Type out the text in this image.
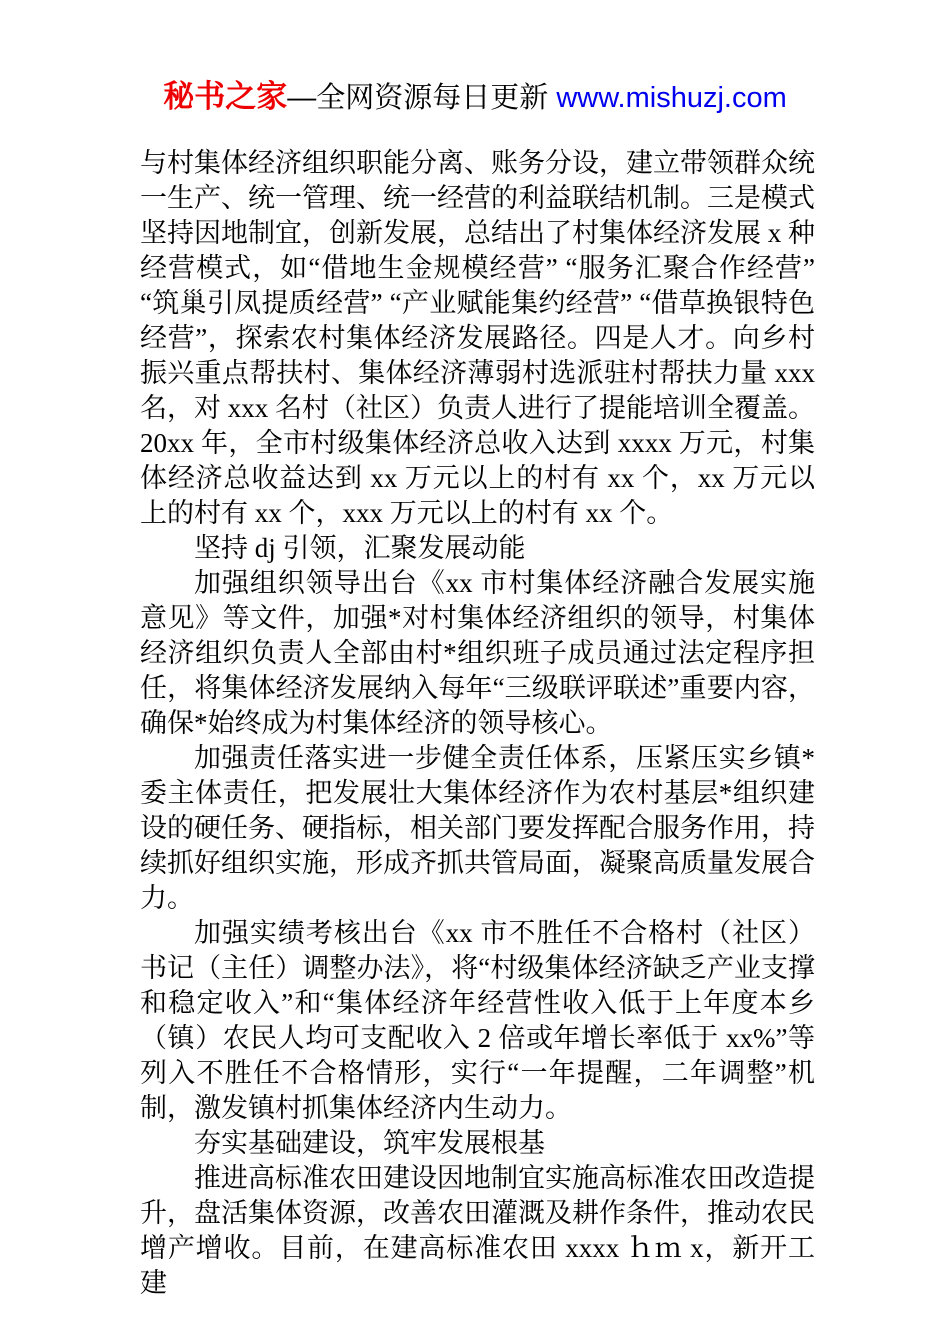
秘书之家—全网资源每日更新 www.mishuzj.com

与村集体经济组织职能分离、账务分设，建立带领群众统一生产、统一管理、统一经营的利益联结机制。三是模式坚持因地制宜，创新发展，总结出了村集体经济发展 x 种经营模式，如“借地生金规模经营” “服务汇聚合作经营” “筑巢引凤提质经营” “产业赋能集约经营” “借草换银特色经营”，探索农村集体经济发展路径。四是人才。向乡村振兴重点帮扶村、集体经济薄弱村选派驻村帮扶力量 xxx 名，对 xxx 名村（社区）负责人进行了提能培训全覆盖。20xx 年，全市村级集体经济总收入达到 xxxx 万元，村集体经济总收益达到 xx 万元以上的村有 xx 个，xx 万元以上的村有 xx 个，xxx 万元以上的村有 xx 个。

坚持 dj 引领，汇聚发展动能

加强组织领导出台《xx 市村集体经济融合发展实施意见》等文件，加强*对村集体经济组织的领导，村集体经济组织负责人全部由村*组织班子成员通过法定程序担任，将集体经济发展纳入每年“三级联评联述”重要内容，确保*始终成为村集体经济的领导核心。

加强责任落实进一步健全责任体系，压紧压实乡镇*委主体责任，把发展壮大集体经济作为农村基层*组织建设的硬任务、硬指标，相关部门要发挥配合服务作用，持续抓好组织实施，形成齐抓共管局面，凝聚高质量发展合力。

加强实绩考核出台《xx 市不胜任不合格村（社区）书记（主任）调整办法》，将“村级集体经济缺乏产业支撑和稳定收入”和“集体经济年经营性收入低于上年度本乡（镇）农民人均可支配收入 2 倍或年增长率低于 xx%”等列入不胜任不合格情形，实行“一年提醒，二年调整”机制，激发镇村抓集体经济内生动力。

夯实基础建设，筑牢发展根基

推进高标准农田建设因地制宜实施高标准农田改造提升，盘活集体资源，改善农田灌溉及耕作条件，推动农民增产增收。目前，在建高标准农田 xxxx ｈｍ x，新开工建
